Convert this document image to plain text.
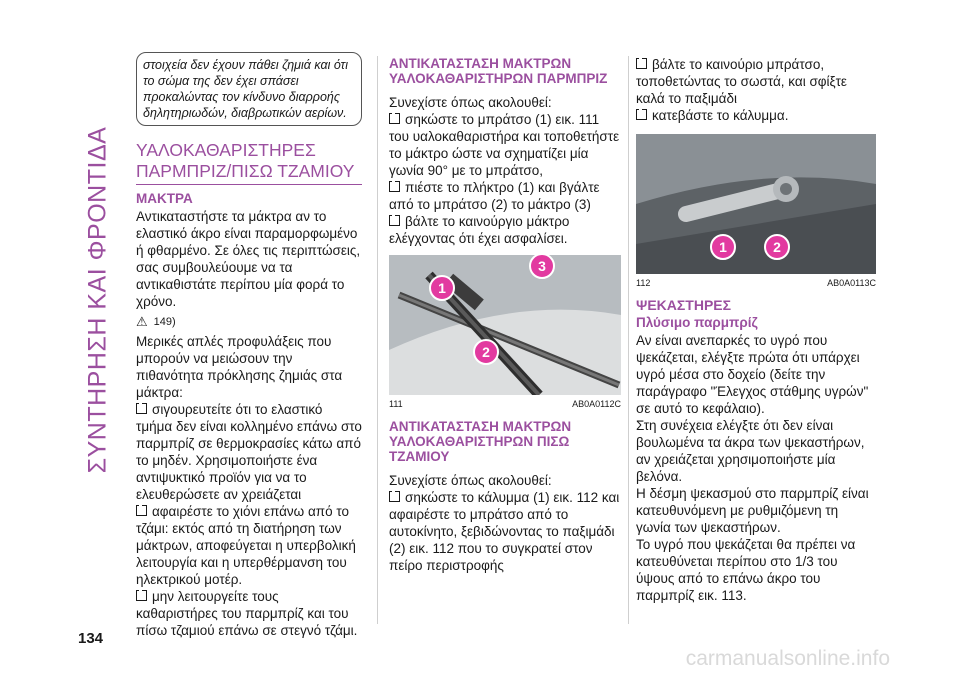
ΣΥΝΤΗΡΗΣΗ ΚΑΙ ΦΡΟΝΤΙΔΑ
στοιχεία δεν έχουν πάθει ζημιά και ότι το σώμα της δεν έχει σπάσει προκαλώντας τον κίνδυνο διαρροής δηλητηριωδών, διαβρωτικών αερίων.
ΥΑΛΟΚΑΘΑΡΙΣΤΗΡΕΣ ΠΑΡΜΠΡΙΖ/ΠΙΣΩ ΤΖΑΜΙΟΥ
ΜΑΚΤΡΑ
Αντικαταστήστε τα μάκτρα αν το ελαστικό άκρο είναι παραμορφωμένο ή φθαρμένο. Σε όλες τις περιπτώσεις, σας συμβουλεύουμε να τα αντικαθιστάτε περίπου μία φορά το χρόνο.
⚠ 149)
Μερικές απλές προφυλάξεις που μπορούν να μειώσουν την πιθανότητα πρόκλησης ζημιάς στα μάκτρα:
σιγουρευτείτε ότι το ελαστικό τμήμα δεν είναι κολλημένο επάνω στο παρμπρίζ σε θερμοκρασίες κάτω από το μηδέν. Χρησιμοποιήστε ένα αντιψυκτικό προϊόν για να το ελευθερώσετε αν χρειάζεται
αφαιρέστε το χιόνι επάνω από το τζάμι: εκτός από τη διατήρηση των μάκτρων, αποφεύγεται η υπερβολική λειτουργία και η υπερθέρμανση του ηλεκτρικού μοτέρ.
μην λειτουργείτε τους καθαριστήρες του παρμπρίζ και του πίσω τζαμιού επάνω σε στεγνό τζάμι.
ΑΝΤΙΚΑΤΑΣΤΑΣΗ ΜΑΚΤΡΩΝ ΥΑΛΟΚΑΘΑΡΙΣΤΗΡΩΝ ΠΑΡΜΠΡΙΖ
Συνεχίστε όπως ακολουθεί:
σηκώστε το μπράτσο (1) εικ. 111 του υαλοκαθαριστήρα και τοποθετήστε το μάκτρο ώστε να σχηματίζει μία γωνία 90° με το μπράτσο,
πιέστε το πλήκτρο (1) και βγάλτε από το μπράτσο (2) το μάκτρο (3)
βάλτε το καινούργιο μάκτρο ελέγχοντας ότι έχει ασφαλίσει.
1
2
3
111	AB0A0112C
ΑΝΤΙΚΑΤΑΣΤΑΣΗ ΜΑΚΤΡΩΝ ΥΑΛΟΚΑΘΑΡΙΣΤΗΡΩΝ ΠΙΣΩ ΤΖΑΜΙΟΥ
Συνεχίστε όπως ακολουθεί:
σηκώστε το κάλυμμα (1) εικ. 112 και αφαιρέστε το μπράτσο από το αυτοκίνητο, ξεβιδώνοντας το παξιμάδι (2) εικ. 112 που το συγκρατεί στον πείρο περιστροφής
βάλτε το καινούριο μπράτσο, τοποθετώντας το σωστά, και σφίξτε καλά το παξιμάδι
κατεβάστε το κάλυμμα.
1	2
112	AB0A0113C
ΨΕΚΑΣΤΗΡΕΣ
Πλύσιμο παρμπρίζ
Αν είναι ανεπαρκές το υγρό που ψεκάζεται, ελέγξτε πρώτα ότι υπάρχει υγρό μέσα στο δοχείο (δείτε την παράγραφο "Έλεγχος στάθμης υγρών" σε αυτό το κεφάλαιο).
Στη συνέχεια ελέγξτε ότι δεν είναι βουλωμένα τα άκρα των ψεκαστήρων, αν χρειάζεται χρησιμοποιήστε μία βελόνα.
Η δέσμη ψεκασμού στο παρμπρίζ είναι κατευθυνόμενη με ρυθμιζόμενη τη γωνία των ψεκαστήρων.
Το υγρό που ψεκάζεται θα πρέπει να κατευθύνεται περίπου στο 1/3 του ύψους από το επάνω άκρο του παρμπρίζ εικ. 113.
134
carmanualsonline.info
